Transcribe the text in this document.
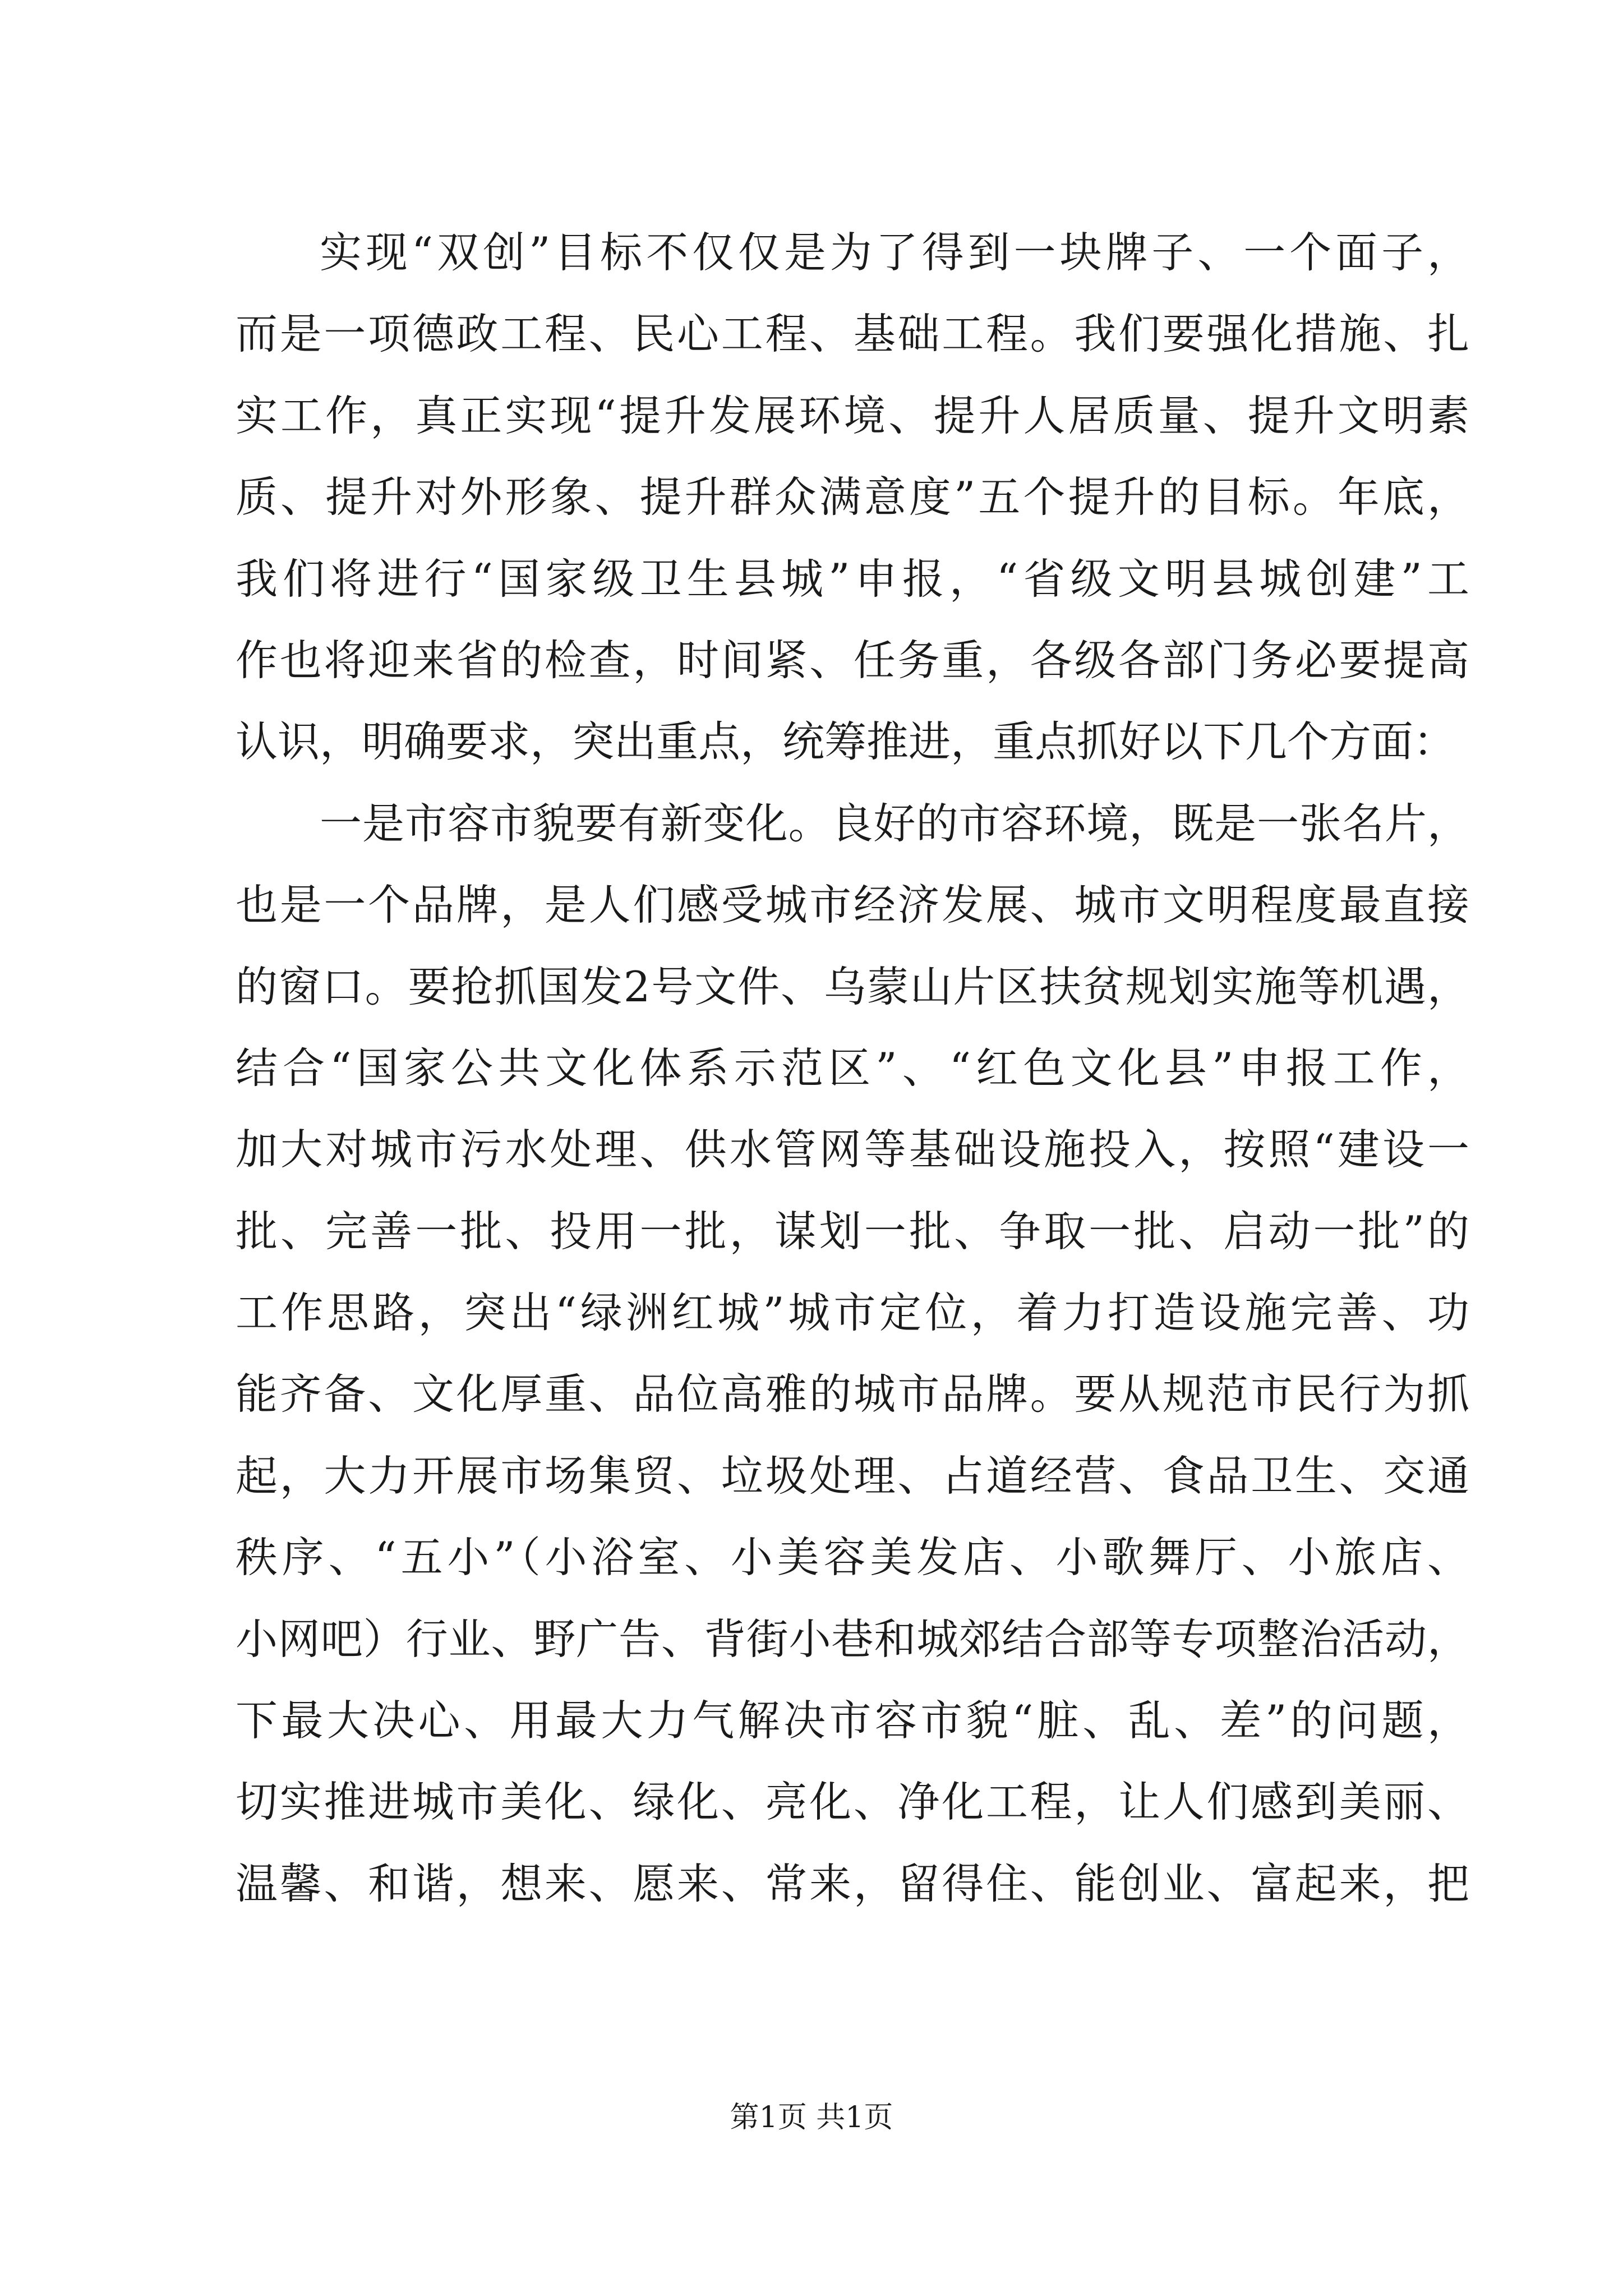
实现“双创”目标不仅仅是为了得到一块牌子、一个面子，
而是一项德政工程、民心工程、基础工程。我们要强化措施、扎
实工作，真正实现“提升发展环境、提升人居质量、提升文明素
质、提升对外形象、提升群众满意度”五个提升的目标。年底，
我们将进行“国家级卫生县城”申报，“省级文明县城创建”工
作也将迎来省的检查，时间紧、任务重，各级各部门务必要提高
认识，明确要求，突出重点，统筹推进，重点抓好以下几个方面：
一是市容市貌要有新变化。良好的市容环境，既是一张名片，
也是一个品牌，是人们感受城市经济发展、城市文明程度最直接
的窗口。要抢抓国发2号文件、乌蒙山片区扶贫规划实施等机遇，
结合“国家公共文化体系示范区”、“红色文化县”申报工作，
加大对城市污水处理、供水管网等基础设施投入，按照“建设一
批、完善一批、投用一批，谋划一批、争取一批、启动一批”的
工作思路，突出“绿洲红城”城市定位，着力打造设施完善、功
能齐备、文化厚重、品位高雅的城市品牌。要从规范市民行为抓
起，大力开展市场集贸、垃圾处理、占道经营、食品卫生、交通
秩序、“五小”（小浴室、小美容美发店、小歌舞厅、小旅店、
小网吧）行业、野广告、背街小巷和城郊结合部等专项整治活动，
下最大决心、用最大力气解决市容市貌“脏、乱、差”的问题，
切实推进城市美化、绿化、亮化、净化工程，让人们感到美丽、
温馨、和谐，想来、愿来、常来，留得住、能创业、富起来，把
第1页 共1页
